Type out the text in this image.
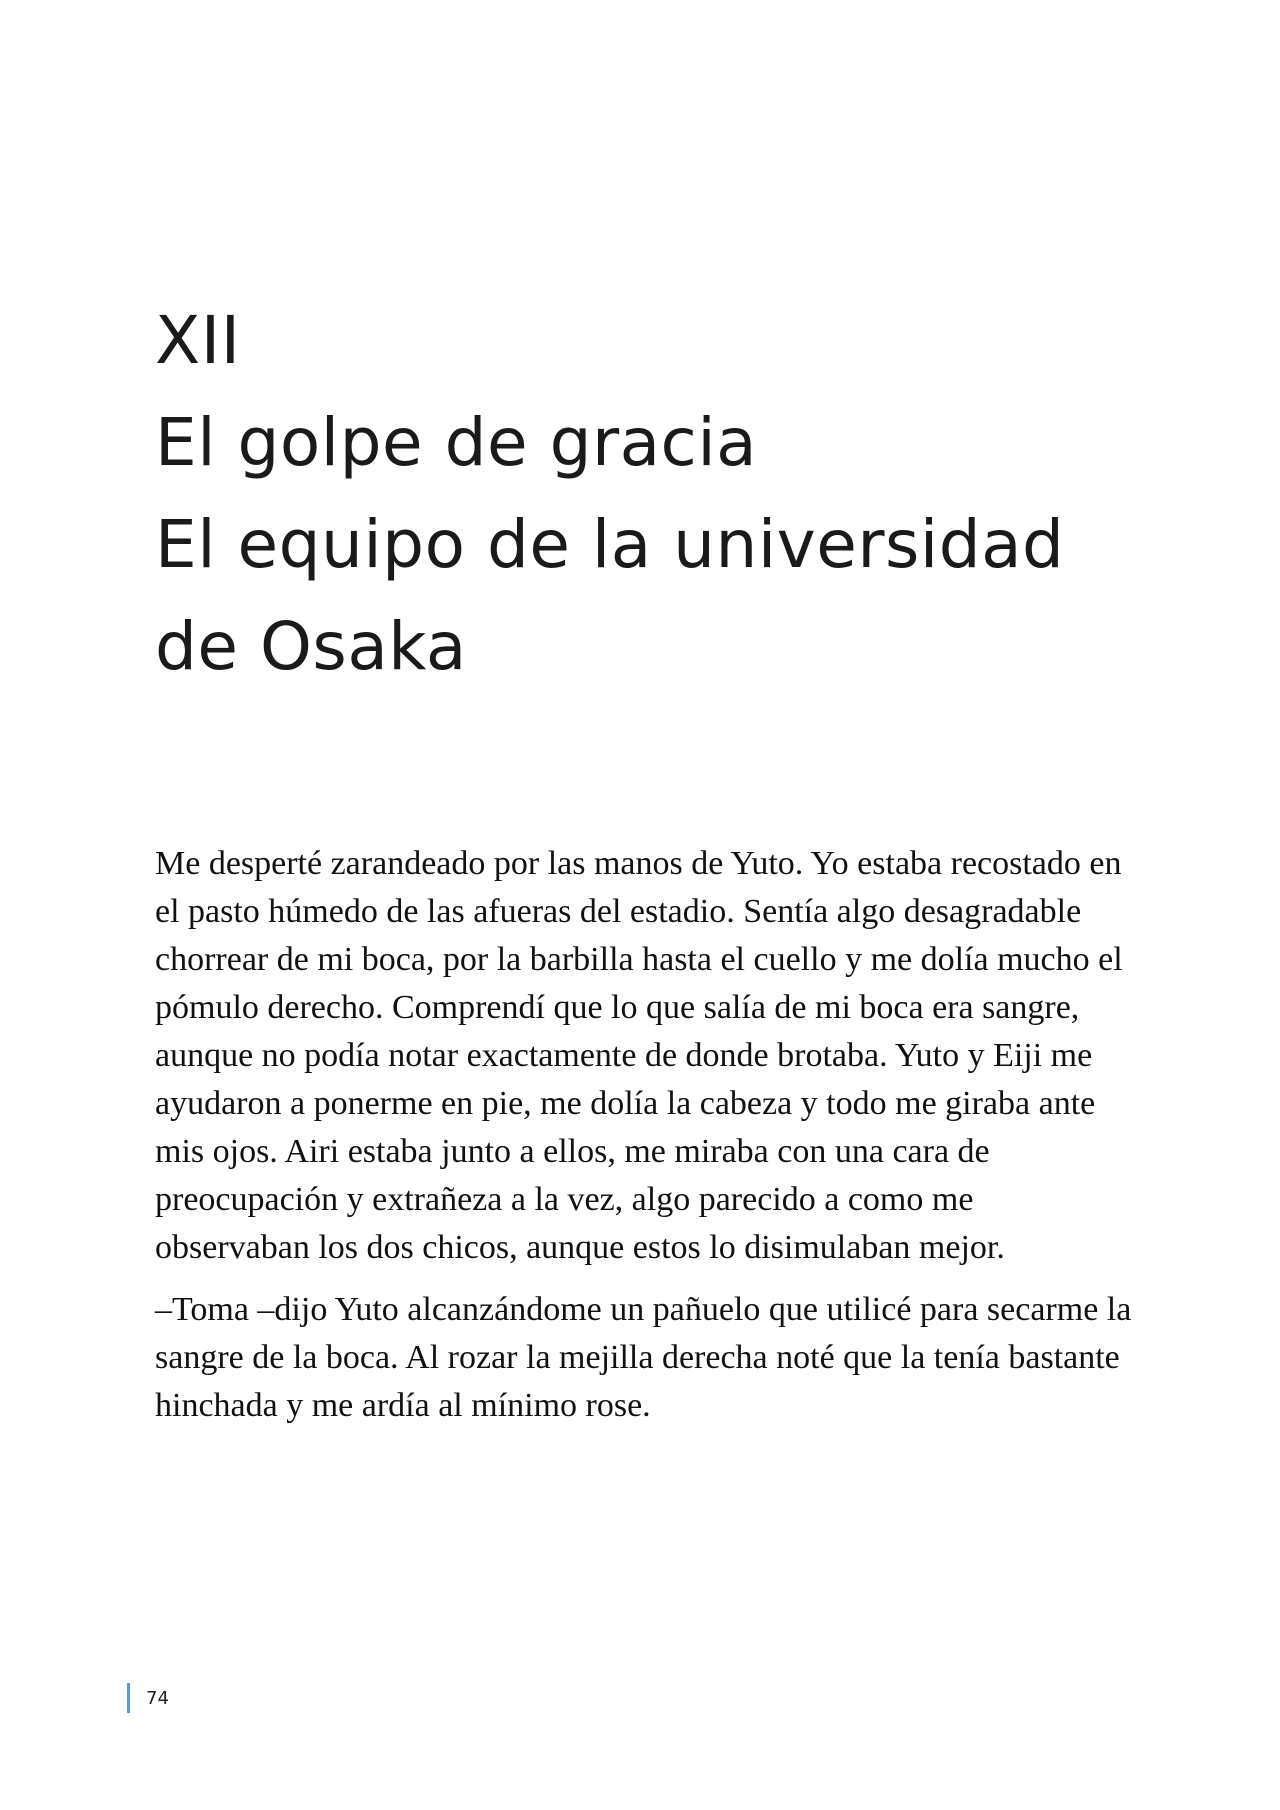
XII
El golpe de gracia
El equipo de la universidad
de Osaka

Me desperté zarandeado por las manos de Yuto. Yo estaba recostado en el pasto húmedo de las afueras del estadio. Sentía algo desagradable chorrear de mi boca, por la barbilla hasta el cuello y me dolía mucho el pómulo derecho. Comprendí que lo que salía de mi boca era sangre, aunque no podía notar exactamente de donde brotaba. Yuto y Eiji me ayudaron a ponerme en pie, me dolía la cabeza y todo me giraba ante mis ojos. Airi estaba junto a ellos, me miraba con una cara de preocupación y extrañeza a la vez, algo parecido a como me observaban los dos chicos, aunque estos lo disimulaban mejor.

–Toma –dijo Yuto alcanzándome un pañuelo que utilicé para secarme la sangre de la boca. Al rozar la mejilla derecha noté que la tenía bastante hinchada y me ardía al mínimo rose.

74
